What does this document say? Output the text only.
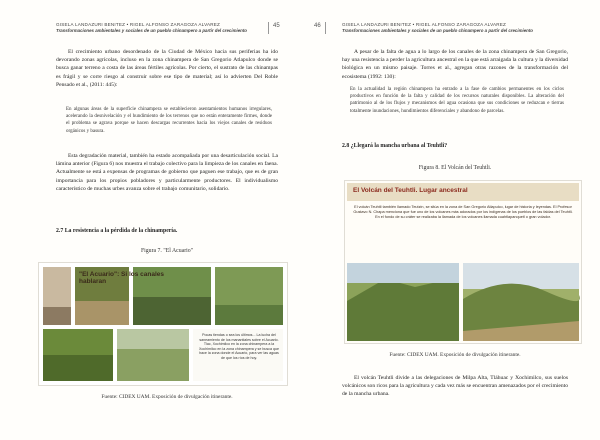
GISELA LANDAZURI BENITEZ • RIGEL ALFONSO ZARAGOZA ALVAREZ
Transformaciones ambientales y sociales de un pueblo chinampero a partir del crecimiento
45
El crecimiento urbano desordenado de la Ciudad de México hacia sus periferias ha ido devorando zonas agrícolas, incluso en la zona chinampera de San Gregorio Atlapulco donde se busca ganar terreno a costa de las áreas fértiles agrícolas. Por cierto, el sustrato de las chinampas es frágil y se corre riesgo al construir sobre ese tipo de material; así lo advierten Del Roble Pensado et al., (2011: 445):
En algunas áreas de la superficie chinampera se establecieron asentamientos humanos irregulares, acelerando la desnivelación y el hundimiento de los terrenos que no están enteramente firmes, donde el problema se agrava porque se hacen descargas recurrentes hacia los viejos canales de residuos orgánicos y basura.
Esta degradación material, también ha estado acompañada por una desarticulación social. La lámina anterior (Figura 6) nos muestra el trabajo colectivo para la limpieza de los canales en faena. Actualmente se está a expensas de programas de gobierno que paguen ese trabajo, que es de gran importancia para los propios pobladores y particularmente productores. El individualismo característico de muchas urbes avanza sobre el trabajo comunitario, solidario.
2.7 La resistencia a la pérdida de la chinampería.
Figura 7. "El Acuario"
"El Acuario": Si los canales hablaran
Pocas tiendas o sea los últimos... La lucha del saneamiento de los manantiales sobre el Acuario. Tlac, Xochimilco en la zona chinampera a la Xochimilco en la zona chinampera y se busca que hace la zona donde el Acuario, para ver las aguas de que los ríos de hoy.
Fuente: CIDEX UAM. Exposición de divulgación itinerante.
46	GISELA LANDAZURI BENITEZ • RIGEL ALFONSO ZARAGOZA ALVAREZ
Transformaciones ambientales y sociales de un pueblo chinampero a partir del crecimiento
A pesar de la falta de agua a lo largo de los canales de la zona chinampera de San Gregorio, hay una resistencia a perder la agricultura ancestral en la que está arraigada la cultura y la diversidad biológica en un mismo paisaje. Torres et al., agregan otras razones de la transformación del ecosistema (1992: 130):
En la actualidad la región chinampera ha entrado a la fase de cambios permanentes en los ciclos productivos en función de la falta y calidad de los recursos naturales disponibles. La alteración del patrimonio al de los flujos y mecanismos del agua ocasiona que sus condiciones se reduzcan e tierras totalmente inundaciones, hundimientos diferenciales y abandono de parcelas.
2.8 ¿Llegará la mancha urbana al Teuhtli?
Figura 8. El Volcán del Teuhtli.
El Volcán del Teuhtli. Lugar ancestral
El volcán Teuhtli también llamado Teutzin, se sitúa en la zona de San Gregorio Atlapulco, lugar de historia y leyendas. El Profesor Gustavo N. Chapa menciona que fue uno de los volcanes más adorados por los indígenas de los pueblos de las faldas del Teuhtli. En el fondo de su cráter se realizaba la llamada de los volcanes llamada cuahtlapanquetl o gran volador.
Fuente: CIDEX UAM. Exposición de divulgación itinerante.
El volcán Teuhtli divide a las delegaciones de Milpa Alta, Tláhuac y Xochimilco, sus suelos volcánicos son ricos para la agricultura y cada vez más se encuentran amenazados por el crecimiento de la mancha urbana.
